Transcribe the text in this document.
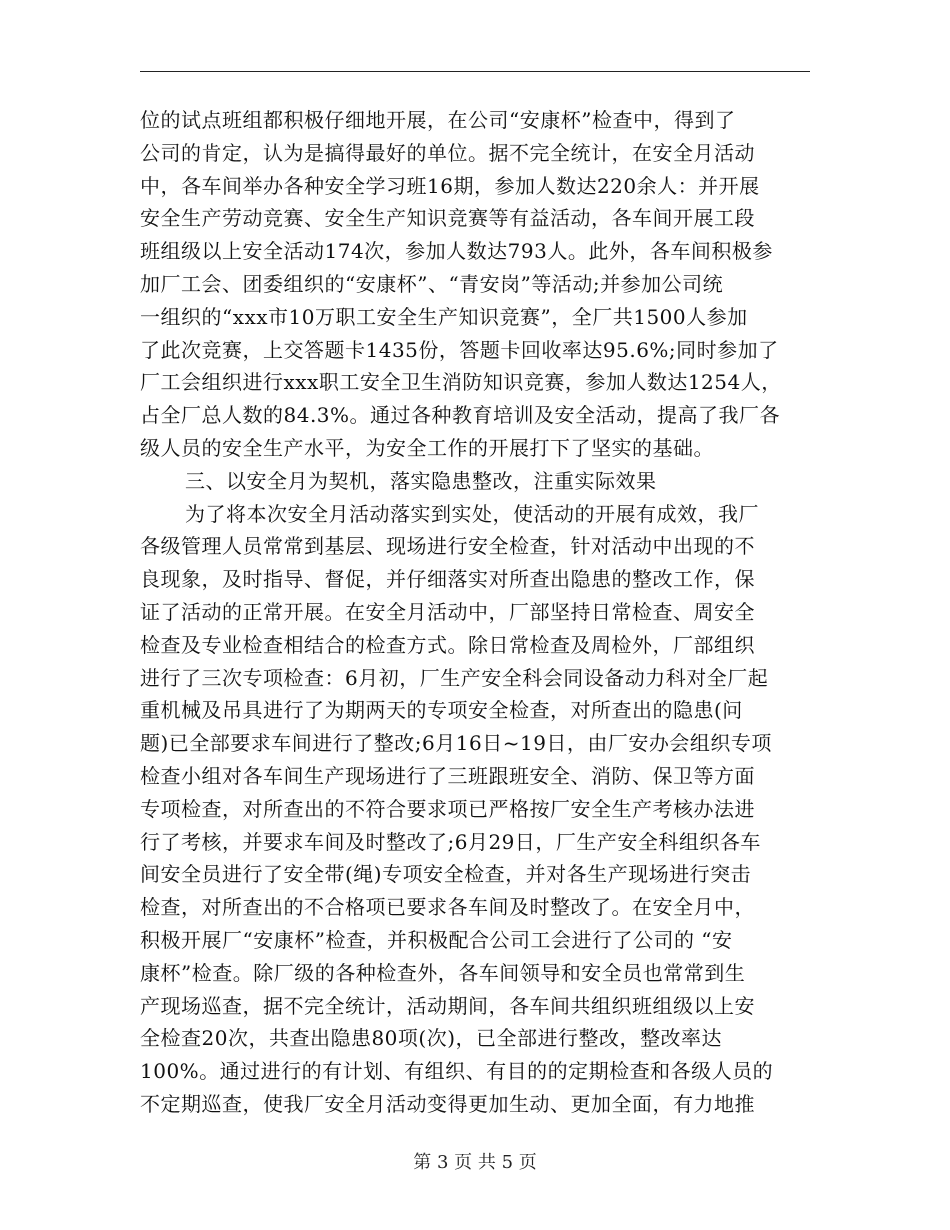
位的试点班组都积极仔细地开展，在公司“安康杯”检查中，得到了
公司的肯定，认为是搞得最好的单位。据不完全统计，在安全月活动
中，各车间举办各种安全学习班16期，参加人数达220余人：并开展
安全生产劳动竞赛、安全生产知识竞赛等有益活动，各车间开展工段
班组级以上安全活动174次，参加人数达793人。此外，各车间积极参
加厂工会、团委组织的“安康杯”、“青安岗”等活动;并参加公司统
一组织的“xxx市10万职工安全生产知识竞赛”，全厂共1500人参加
了此次竞赛，上交答题卡1435份，答题卡回收率达95.6%;同时参加了
厂工会组织进行xxx职工安全卫生消防知识竞赛，参加人数达1254人，
占全厂总人数的84.3%。通过各种教育培训及安全活动，提高了我厂各
级人员的安全生产水平，为安全工作的开展打下了坚实的基础。
三、以安全月为契机，落实隐患整改，注重实际效果
为了将本次安全月活动落实到实处，使活动的开展有成效，我厂
各级管理人员常常到基层、现场进行安全检查，针对活动中出现的不
良现象，及时指导、督促，并仔细落实对所查出隐患的整改工作，保
证了活动的正常开展。在安全月活动中，厂部坚持日常检查、周安全
检查及专业检查相结合的检查方式。除日常检查及周检外，厂部组织
进行了三次专项检查：6月初，厂生产安全科会同设备动力科对全厂起
重机械及吊具进行了为期两天的专项安全检查，对所查出的隐患(问
题)已全部要求车间进行了整改;6月16日~19日，由厂安办会组织专项
检查小组对各车间生产现场进行了三班跟班安全、消防、保卫等方面
专项检查，对所查出的不符合要求项已严格按厂安全生产考核办法进
行了考核，并要求车间及时整改了;6月29日，厂生产安全科组织各车
间安全员进行了安全带(绳)专项安全检查，并对各生产现场进行突击
检查，对所查出的不合格项已要求各车间及时整改了。在安全月中，
积极开展厂“安康杯”检查，并积极配合公司工会进行了公司的 “安
康杯”检查。除厂级的各种检查外，各车间领导和安全员也常常到生
产现场巡查，据不完全统计，活动期间，各车间共组织班组级以上安
全检查20次，共查出隐患80项(次)，已全部进行整改，整改率达
100%。通过进行的有计划、有组织、有目的的定期检查和各级人员的
不定期巡查，使我厂安全月活动变得更加生动、更加全面，有力地推
第 3 页 共 5 页
